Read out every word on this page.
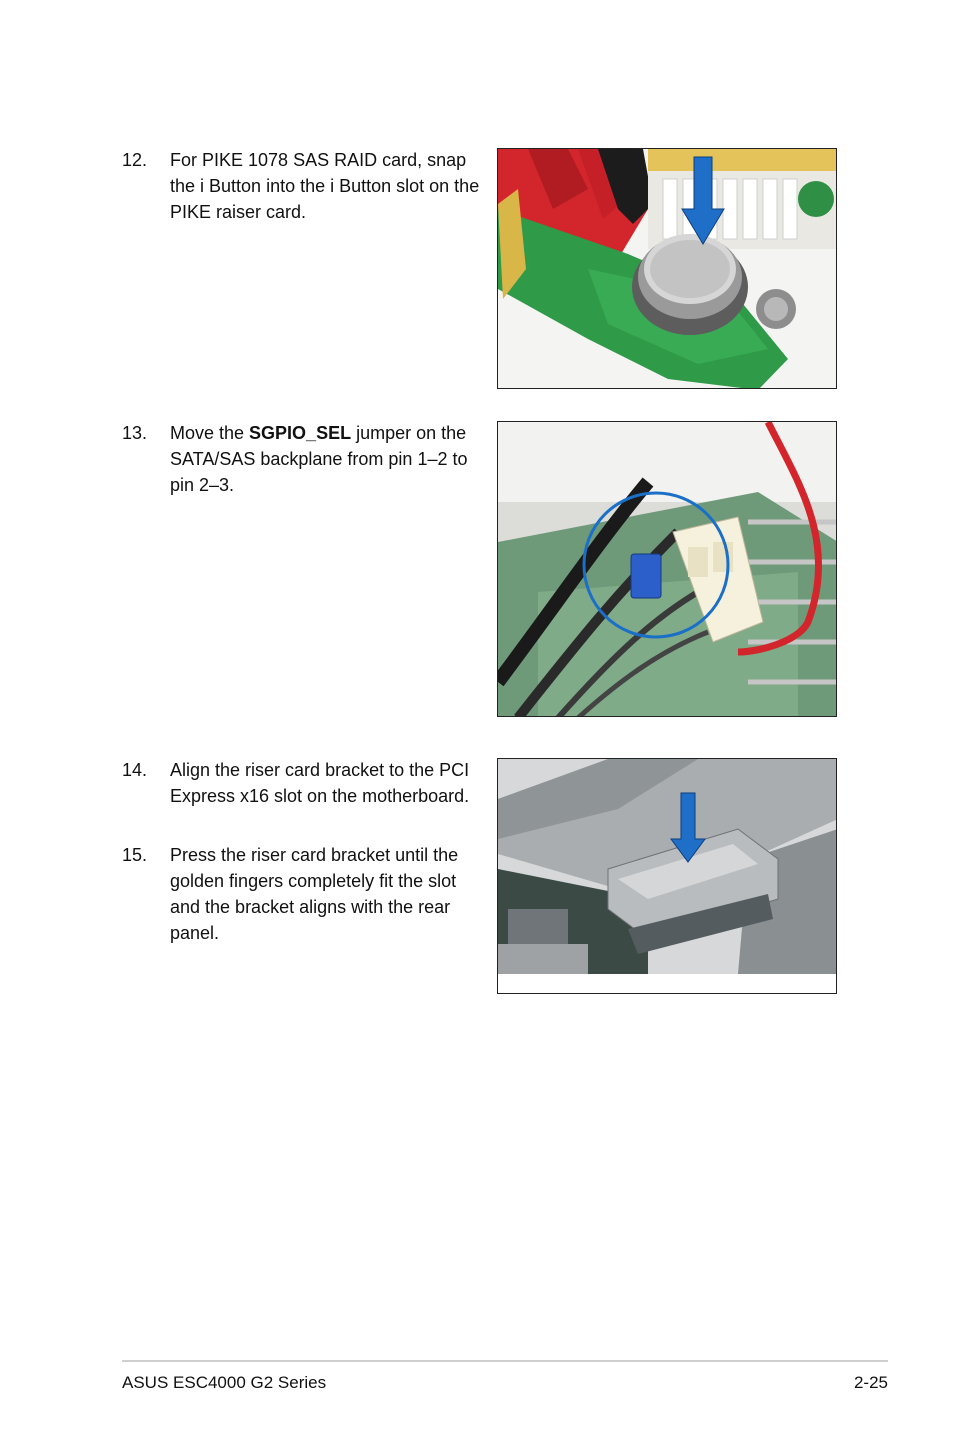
12. For PIKE 1078 SAS RAID card, snap the i Button into the i Button slot on the PIKE raiser card.
13. Move the SGPIO_SEL jumper on the SATA/SAS backplane from pin 1–2 to pin 2–3.
14. Align the riser card bracket to the PCI Express x16 slot on the motherboard.
15. Press the riser card bracket until the golden fingers completely fit the slot and the bracket aligns with the rear panel.
ASUS ESC4000 G2 Series	2-25
